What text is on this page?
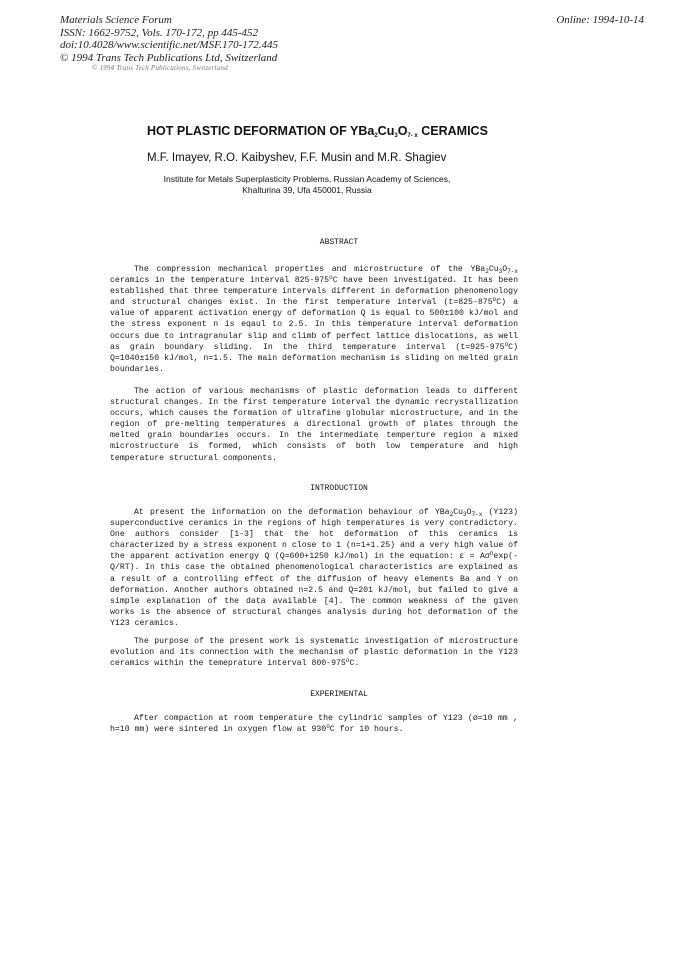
Materials Science Forum
ISSN: 1662-9752, Vols. 170-172, pp 445-452
doi:10.4028/www.scientific.net/MSF.170-172.445
© 1994 Trans Tech Publications Ltd, Switzerland
Online: 1994-10-14
© 1994 Trans Tech Publications, Switzerland
HOT PLASTIC DEFORMATION OF $YBa_2Cu_3O_{7- x}$ CERAMICS
M.F. Imayev, R.O. Kaibyshev, F.F. Musin and M.R. Shagiev
Institute for Metals Superplasticity Problems, Russian Academy of Sciences,
Khalturina 39, Ufa 450001, Russia
ABSTRACT
The compression mechanical properties and microstructure of the $YBa_2Cu_3O_{7-x}$ ceramics in the temperature interval 825-975$^o$C have been investigated. It has been established that three temperature intervals different in deformation phenomenology and structural changes exist. In the first temperature interval $(t=825-875^oC)$ a value of apparent activation energy of deformation Q is equal to 500±100 kJ/mol and the stress exponent n is eqaul to 2.5. In this temperature interval deformation occurs due to intragranular slip and climb of perfect lattice dislocations, as well as grain boundary sliding. In the third temperature interval $(t=925-975^oC)$ Q=1040±150 kJ/mol, n=1.5. The main deformation mechanism is sliding on melted grain boundaries.
The action of various mechanisms of plastic deformation leads to different structural changes. In the first temperature interval the dynamic recrystallization occurs, which causes the formation of ultrafine globular microstructure, and in the region of pre-melting temperatures a directional growth of plates through the melted grain boundaries occurs. In the intermediate temperture region a mixed microstructure is formed, which consists of both low temperature and high temperature structural components.
INTRODUCTION
At present the information on the deformation behaviour of $YBa_2Cu_3O_{7-x}$ (Y123) superconductive ceramics in the regions of high temperatures is very contradictory. One authors consider [1-3] that the hot deformation of this ceramics is characterized by a stress exponent n close to 1 (n=1+1.25) and a very high value of the apparent activation energy Q (Q=600+1250 kJ/mol) in the equation: ε̇ = $A\sigma^n\exp(-Q/RT)$. In this case the obtained phenomenological characteristics are explained as a result of a controlling effect of the diffusion of heavy elements Ba and Y on deformation. Another authors obtained n=2.5 and Q=201 kJ/mol, but failed to give a simple explanation of the data available [4]. The common weakness of the given works is the absence of structural changes analysis during hot deformation of the Y123 ceramics.
The purpose of the present work is systematic investigation of microstructure evolution and its connection with the mechanism of plastic deformation in the Y123 ceramics within the temeprature interval 800-975$^o$C.
EXPERIMENTAL
After compaction at room temperature the cylindric samples of Y123 (ø=10 mm , h=10 mm) were sintered in oxygen flow at 930$^o$C for 10 hours.
